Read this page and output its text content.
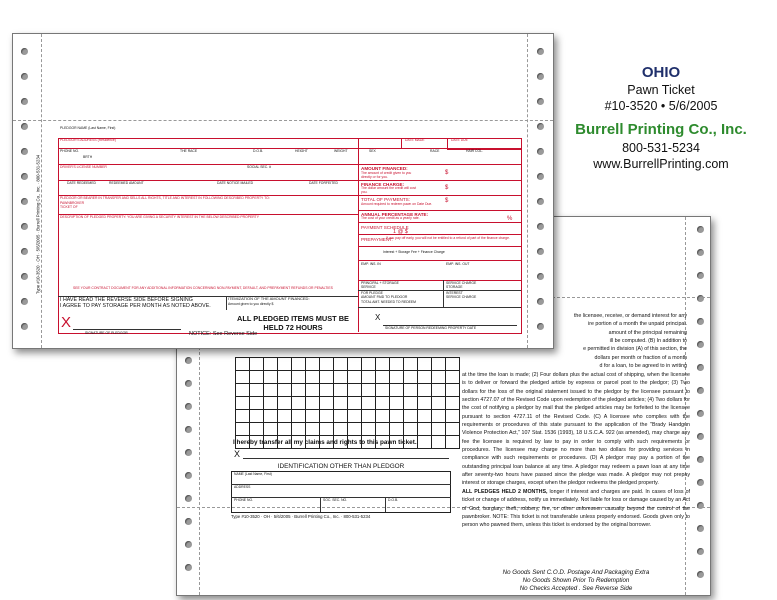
the licensee, receive, or demand interest for any
ire portion of a month the unpaid principal.
amount of the principal remaining
ill be computed. (B) In addition to
e permitted in division (A) of this section, the
dollars per month or fraction of a month
d for a loan, to be agreed to in writing

at the time the loan is made; (2) Four dollars plus the actual cost of shipping, when the licensee is to deliver or forward the pledged article by express or parcel post to the pledgor; (3) Two dollars for the loss of the original statement issued to the pledgor by the licensee pursuant to section 4727.07 of the Revised Code upon redemption of the pledged articles; (4) Two dollars for the cost of notifying a pledgor by mail that the pledged articles may be forfeited to the licensee pursuant to section 4727.11 of the Revised Code. (C) A licensee who complies with the requirements or procedures of this state pursuant to the application of the "Brady Handgun Violence Protection Act," 107 Stat. 1536 (1993), 18 U.S.C.A. 922 (as amended), may charge any fee the licensee is required by law to pay in order to comply with such requirements or procedures. The licensee may charge no more than two dollars for providing services in compliance with such requirements or procedures. (D) A pledgor may pay a portion of the outstanding principal loan balance at any time. A pledgor may redeem a pawn loan at any time after seventy-two hours have passed since the pledge was made. A pledgor may not prepay interest or storage charges, except when the pledgor redeems the pledged property.

ALL PLEDGES HELD 2 MONTHS, longer if interest and charges are paid. In cases of loss of ticket or change of address, notify us immediately. Not liable for loss or damage caused by an Act of God, burglary, theft, robbery, fire, or other unforeseen casualty beyond the control of the pawnbroker. NOTE: This ticket is not transferable unless properly endorsed. Goods given only to person who pawned them, unless this ticket is endorsed by the original borrower.

No Goods Sent C.O.D. Postage And Packaging Extra
No Goods Shown Prior To Redemption
No Checks Accepted . See Reverse Side

I hereby transfer all my claims and rights to this pawn ticket.
X
IDENTIFICATION OTHER THAN PLEDGOR
NAME (Last Name, First)
ADDRESS
PHONE NO.	SOC. SEC. NO.	D.O.B.
Type #10-3520 · OH · 5/6/2005 · Burrell Printing Co., Inc. · 800-531-5234
Type #10-3520 · OH · 5/6/2005 · Burrell Printing Co., Inc. · 800-531-5234
PLEDGOR NAME (Last Name, First)
PLEDGOR'S ADDRESS (Residence)	DATE MADE	DATE DUE
PHONE NO.	THE RACE	D.O.B.	HEIGHT	WEIGHT	SEX	RACE	HAIR COL.
BRTH
DRIVER'S LICENSE NUMBER	SOCIAL SEC. #
DATE REDEEMED	REDEEMED AMOUNT	DATE NOTICE MAILED	DATE FORFEITED
PLEDGOR OR BEARER IN TRANSFER AND SELLS ALL RIGHTS, TITLE AND INTEREST IN FOLLOWING DESCRIBED PROPERTY TO:
PAWNBROKER
TICKET OF
DESCRIPTION OF PLEDGED PROPERTY: YOU ARE GIVING A SECURITY INTEREST IN THE BELOW DESCRIBED PROPERTY
SEE YOUR CONTRACT DOCUMENT FOR ANY ADDITIONAL INFORMATION CONCERNING NON-PAYMENT, DEFAULT, AND PREPAYMENT REFUNDS OR PENALTIES
AMOUNT FINANCED:
The amount of credit given to you directly or for you.
$
FINANCE CHARGE:
The dollar amount the credit will cost you.
$
TOTAL OF PAYMENTS:
Amount required to redeem pawn on Date Due. $
ANNUAL PERCENTAGE RATE:
The cost of your credit as a yearly rate.	%
PAYMENT SCHEDULE
1 @ $
PREPAYMENT:
If you pay off early, you will not be entitled to a refund of part of the finance charge.
Interest + Storage Fee + Finance Charge
EMP. INS. IN	EMP. INS. OUT
PRINCIPAL + STORAGE
SERVICE
FOR PLEDGE
AMOUNT PAID TO PLEDGOR
TOTAL AMT. NEEDED TO REDEEM
SERVICE CHARGE
STORAGE
INTEREST
SERVICE CHARGE
I HAVE READ THE REVERSE SIDE BEFORE SIGNING
I AGREE TO PAY STORAGE PER MONTH AS NOTED ABOVE.
ITEMIZATION OF THE AMOUNT FINANCED:
Amount given to you directly $
X
SIGNATURE OF PLEDGOR	NOTICE: See Reverse Side
ALL PLEDGED ITEMS MUST BE HELD 72 HOURS
X
SIGNATURE OF PERSON REDEEMING PROPERTY DATE
OHIO
Pawn Ticket
#10-3520 • 5/6/2005
Burrell Printing Co., Inc.
800-531-5234
www.BurrellPrinting.com
